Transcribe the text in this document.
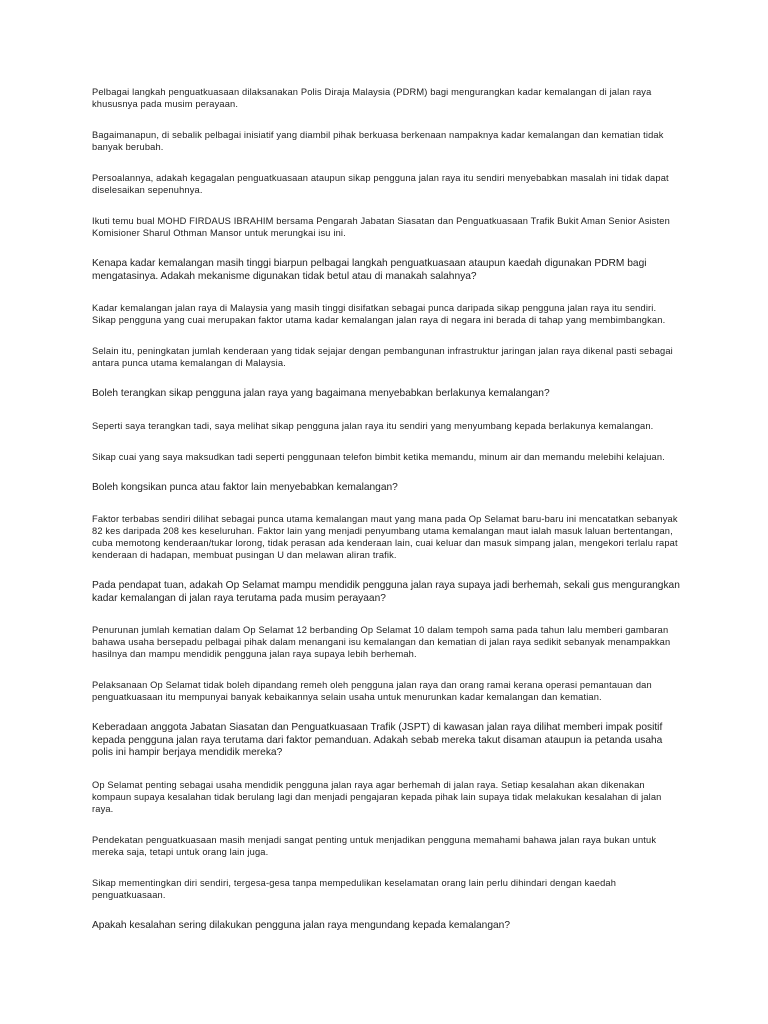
Pelbagai langkah penguatkuasaan dilaksanakan Polis Diraja Malaysia (PDRM) bagi mengurangkan kadar kemalangan di jalan raya khususnya pada musim perayaan.

Bagaimanapun, di sebalik pelbagai inisiatif yang diambil pihak berkuasa berkenaan nampaknya kadar kemalangan dan kematian tidak banyak berubah.

Persoalannya, adakah kegagalan penguatkuasaan ataupun sikap pengguna jalan raya itu sendiri menyebabkan masalah ini tidak dapat diselesaikan sepenuhnya.

Ikuti temu bual MOHD FIRDAUS IBRAHIM bersama Pengarah Jabatan Siasatan dan Penguatkuasaan Trafik Bukit Aman Senior Asisten Komisioner Sharul Othman Mansor untuk merungkai isu ini.

Kenapa kadar kemalangan masih tinggi biarpun pelbagai langkah penguatkuasaan ataupun kaedah digunakan PDRM bagi mengatasinya. Adakah mekanisme digunakan tidak betul atau di manakah salahnya?

Kadar kemalangan jalan raya di Malaysia yang masih tinggi disifatkan sebagai punca daripada sikap pengguna jalan raya itu sendiri. Sikap pengguna yang cuai merupakan faktor utama kadar kemalangan jalan raya di negara ini berada di tahap yang membimbangkan.

Selain itu, peningkatan jumlah kenderaan yang tidak sejajar dengan pembangunan infrastruktur jaringan jalan raya dikenal pasti sebagai antara punca utama kemalangan di Malaysia.

Boleh terangkan sikap pengguna jalan raya yang bagaimana menyebabkan berlakunya kemalangan?

Seperti saya terangkan tadi, saya melihat sikap pengguna jalan raya itu sendiri yang menyumbang kepada berlakunya kemalangan.

Sikap cuai yang saya maksudkan tadi seperti penggunaan telefon bimbit ketika memandu, minum air dan memandu melebihi kelajuan.

Boleh kongsikan punca atau faktor lain menyebabkan kemalangan?

Faktor terbabas sendiri dilihat sebagai punca utama kemalangan maut yang mana pada Op Selamat baru-baru ini mencatatkan sebanyak 82 kes daripada 208 kes keseluruhan. Faktor lain yang menjadi penyumbang utama kemalangan maut ialah masuk laluan bertentangan, cuba memotong kenderaan/tukar lorong, tidak perasan ada kenderaan lain, cuai keluar dan masuk simpang jalan, mengekori terlalu rapat kenderaan di hadapan, membuat pusingan U dan melawan aliran trafik.

Pada pendapat tuan, adakah Op Selamat mampu mendidik pengguna jalan raya supaya jadi berhemah, sekali gus mengurangkan kadar kemalangan di jalan raya terutama pada musim perayaan?

Penurunan jumlah kematian dalam Op Selamat 12 berbanding Op Selamat 10 dalam tempoh sama pada tahun lalu memberi gambaran bahawa usaha bersepadu pelbagai pihak dalam menangani isu kemalangan dan kematian di jalan raya sedikit sebanyak menampakkan hasilnya dan mampu mendidik pengguna jalan raya supaya lebih berhemah.

Pelaksanaan Op Selamat tidak boleh dipandang remeh oleh pengguna jalan raya dan orang ramai kerana operasi pemantauan dan penguatkuasaan itu mempunyai banyak kebaikannya selain usaha untuk menurunkan kadar kemalangan dan kematian.

Keberadaan anggota Jabatan Siasatan dan Penguatkuasaan Trafik (JSPT) di kawasan jalan raya dilihat memberi impak positif kepada pengguna jalan raya terutama dari faktor pemanduan. Adakah sebab mereka takut disaman ataupun ia petanda usaha polis ini hampir berjaya mendidik mereka?

Op Selamat penting sebagai usaha mendidik pengguna jalan raya agar berhemah di jalan raya. Setiap kesalahan akan dikenakan kompaun supaya kesalahan tidak berulang lagi dan menjadi pengajaran kepada pihak lain supaya tidak melakukan kesalahan di jalan raya.

Pendekatan penguatkuasaan masih menjadi sangat penting untuk menjadikan pengguna memahami bahawa jalan raya bukan untuk mereka saja, tetapi untuk orang lain juga.

Sikap mementingkan diri sendiri, tergesa-gesa tanpa mempedulikan keselamatan orang lain perlu dihindari dengan kaedah penguatkuasaan.

Apakah kesalahan sering dilakukan pengguna jalan raya mengundang kepada kemalangan?
